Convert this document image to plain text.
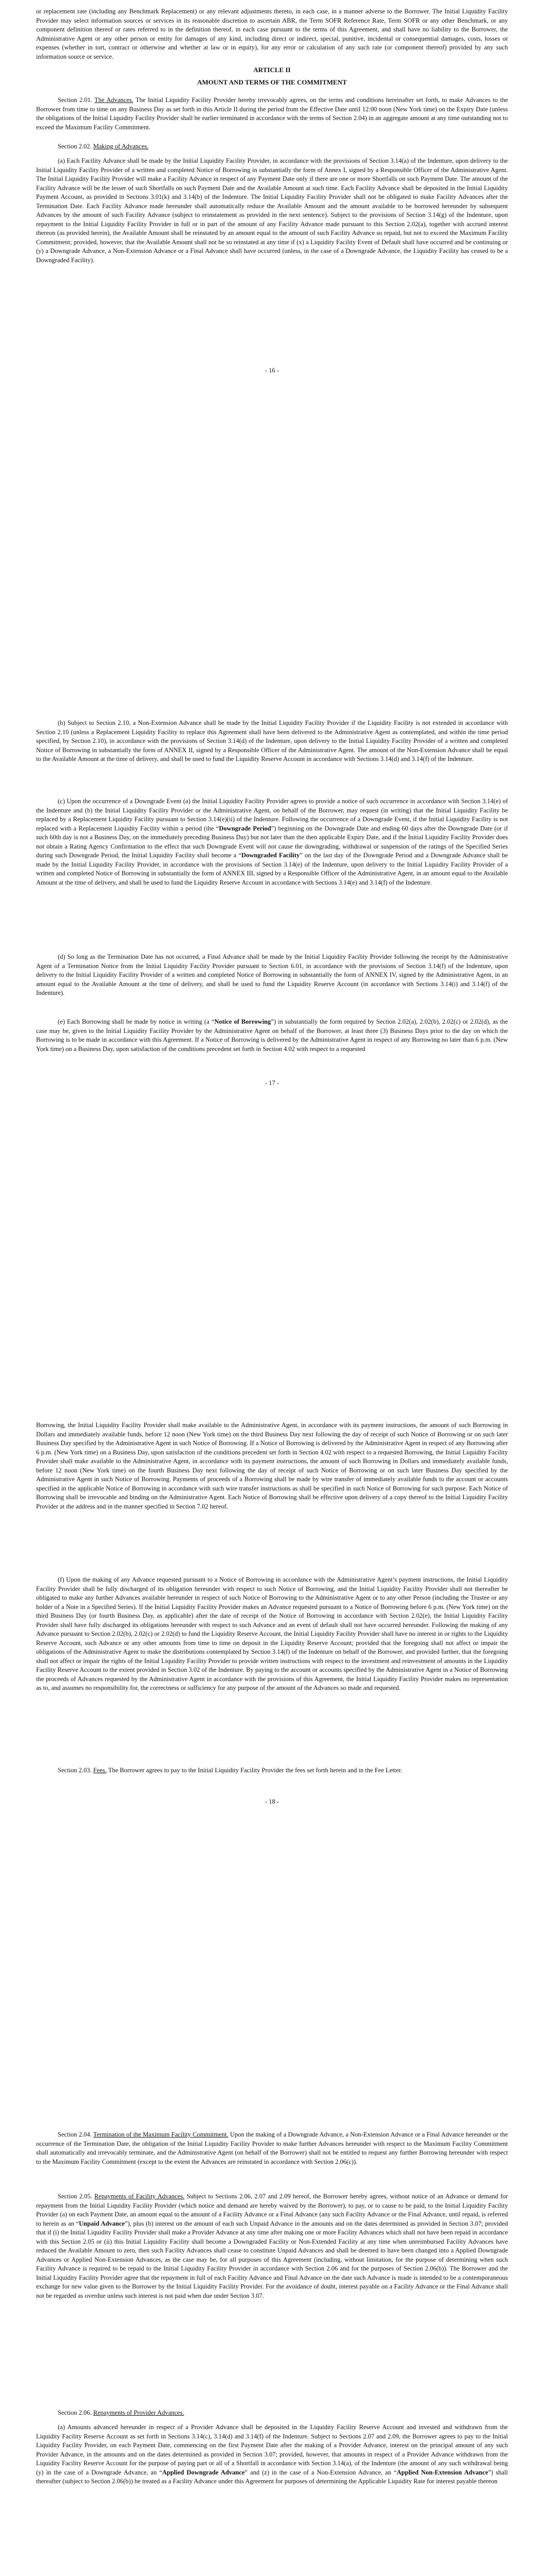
or replacement rate (including any Benchmark Replacement) or any relevant adjustments thereto, in each case, in a manner adverse to the Borrower. The Initial Liquidity Facility Provider may select information sources or services in its reasonable discretion to ascertain ABR, the Term SOFR Reference Rate, Term SOFR or any other Benchmark, or any component definition thereof or rates referred to in the definition thereof, in each case pursuant to the terms of this Agreement, and shall have no liability to the Borrower, the Administrative Agent or any other person or entity for damages of any kind, including direct or indirect, special, punitive, incidental or consequential damages, costs, losses or expenses (whether in tort, contract or otherwise and whether at law or in equity), for any error or calculation of any such rate (or component thereof) provided by any such information source or service.

ARTICLE II

AMOUNT AND TERMS OF THE COMMITMENT

Section 2.01. The Advances. The Initial Liquidity Facility Provider hereby irrevocably agrees, on the terms and conditions hereinafter set forth, to make Advances to the Borrower from time to time on any Business Day as set forth in this Article II during the period from the Effective Date until 12:00 noon (New York time) on the Expiry Date (unless the obligations of the Initial Liquidity Facility Provider shall be earlier terminated in accordance with the terms of Section 2.04) in an aggregate amount at any time outstanding not to exceed the Maximum Facility Commitment.

Section 2.02. Making of Advances.

(a) Each Facility Advance shall be made by the Initial Liquidity Facility Provider, in accordance with the provisions of Section 3.14(a) of the Indenture, upon delivery to the Initial Liquidity Facility Provider of a written and completed Notice of Borrowing in substantially the form of Annex I, signed by a Responsible Officer of the Administrative Agent. The Initial Liquidity Facility Provider will make a Facility Advance in respect of any Payment Date only if there are one or more Shortfalls on such Payment Date. The amount of the Facility Advance will be the lesser of such Shortfalls on such Payment Date and the Available Amount at such time. Each Facility Advance shall be deposited in the Initial Liquidity Payment Account, as provided in Sections 3.01(k) and 3.14(b) of the Indenture. The Initial Liquidity Facility Provider shall not be obligated to make Facility Advances after the Termination Date. Each Facility Advance made hereunder shall automatically reduce the Available Amount and the amount available to be borrowed hereunder by subsequent Advances by the amount of such Facility Advance (subject to reinstatement as provided in the next sentence). Subject to the provisions of Section 3.14(g) of the Indenture, upon repayment to the Initial Liquidity Facility Provider in full or in part of the amount of any Facility Advance made pursuant to this Section 2.02(a), together with accrued interest thereon (as provided herein), the Available Amount shall be reinstated by an amount equal to the amount of such Facility Advance so repaid, but not to exceed the Maximum Facility Commitment; provided, however, that the Available Amount shall not be so reinstated at any time if (x) a Liquidity Facility Event of Default shall have occurred and be continuing or (y) a Downgrade Advance, a Non-Extension Advance or a Final Advance shall have occurred (unless, in the case of a Downgrade Advance, the Liquidity Facility has ceased to be a Downgraded Facility).

- 16 -

(b) Subject to Section 2.10, a Non-Extension Advance shall be made by the Initial Liquidity Facility Provider if the Liquidity Facility is not extended in accordance with Section 2.10 (unless a Replacement Liquidity Facility to replace this Agreement shall have been delivered to the Administrative Agent as contemplated, and within the time period specified, by Section 2.10), in accordance with the provisions of Section 3.14(d) of the Indenture, upon delivery to the Initial Liquidity Facility Provider of a written and completed Notice of Borrowing in substantially the form of ANNEX II, signed by a Responsible Officer of the Administrative Agent. The amount of the Non-Extension Advance shall be equal to the Available Amount at the time of delivery, and shall be used to fund the Liquidity Reserve Account in accordance with Sections 3.14(d) and 3.14(f) of the Indenture.

(c) Upon the occurrence of a Downgrade Event (a) the Initial Liquidity Facility Provider agrees to provide a notice of such occurrence in accordance with Section 3.14(e) of the Indenture and (b) the Initial Liquidity Facility Provider or the Administrative Agent, on behalf of the Borrower, may request (in writing) that the Initial Liquidity Facility be replaced by a Replacement Liquidity Facility pursuant to Section 3.14(e)(ii) of the Indenture. Following the occurrence of a Downgrade Event, if the Initial Liquidity Facility is not replaced with a Replacement Liquidity Facility within a period (the “Downgrade Period”) beginning on the Downgrade Date and ending 60 days after the Downgrade Date (or if such 60th day is not a Business Day, on the immediately preceding Business Day) but not later than the then applicable Expiry Date, and if the Initial Liquidity Facility Provider does not obtain a Rating Agency Confirmation to the effect that such Downgrade Event will not cause the downgrading, withdrawal or suspension of the ratings of the Specified Series during such Downgrade Period, the Initial Liquidity Facility shall become a “Downgraded Facility” on the last day of the Downgrade Period and a Downgrade Advance shall be made by the Initial Liquidity Facility Provider, in accordance with the provisions of Section 3.14(e) of the Indenture, upon delivery to the Initial Liquidity Facility Provider of a written and completed Notice of Borrowing in substantially the form of ANNEX III, signed by a Responsible Officer of the Administrative Agent, in an amount equal to the Available Amount at the time of delivery, and shall be used to fund the Liquidity Reserve Account in accordance with Sections 3.14(e) and 3.14(f) of the Indenture.

(d) So long as the Termination Date has not occurred, a Final Advance shall be made by the Initial Liquidity Facility Provider following the receipt by the Administrative Agent of a Termination Notice from the Initial Liquidity Facility Provider pursuant to Section 6.01, in accordance with the provisions of Section 3.14(f) of the Indenture, upon delivery to the Initial Liquidity Facility Provider of a written and completed Notice of Borrowing in substantially the form of ANNEX IV, signed by the Administrative Agent, in an amount equal to the Available Amount at the time of delivery, and shall be used to fund the Liquidity Reserve Account (in accordance with Sections 3.14(i) and 3.14(f) of the Indenture).

(e) Each Borrowing shall be made by notice in writing (a “Notice of Borrowing”) in substantially the form required by Section 2.02(a), 2.02(b), 2.02(c) or 2.02(d), as the case may be, given to the Initial Liquidity Facility Provider by the Administrative Agent on behalf of the Borrower, at least three (3) Business Days prior to the day on which the Borrowing is to be made in accordance with this Agreement. If a Notice of Borrowing is delivered by the Administrative Agent in respect of any Borrowing no later than 6 p.m. (New York time) on a Business Day, upon satisfaction of the conditions precedent set forth in Section 4.02 with respect to a requested

- 17 -

Borrowing, the Initial Liquidity Facility Provider shall make available to the Administrative Agent, in accordance with its payment instructions, the amount of such Borrowing in Dollars and immediately available funds, before 12 noon (New York time) on the third Business Day next following the day of receipt of such Notice of Borrowing or on such later Business Day specified by the Administrative Agent in such Notice of Borrowing. If a Notice of Borrowing is delivered by the Administrative Agent in respect of any Borrowing after 6 p.m. (New York time) on a Business Day, upon satisfaction of the conditions precedent set forth in Section 4.02 with respect to a requested Borrowing, the Initial Liquidity Facility Provider shall make available to the Administrative Agent, in accordance with its payment instructions, the amount of such Borrowing in Dollars and immediately available funds, before 12 noon (New York time) on the fourth Business Day next following the day of receipt of such Notice of Borrowing or on such later Business Day specified by the Administrative Agent in such Notice of Borrowing. Payments of proceeds of a Borrowing shall be made by wire transfer of immediately available funds to the account or accounts specified in the applicable Notice of Borrowing in accordance with such wire transfer instructions as shall be specified in such Notice of Borrowing for such purpose. Each Notice of Borrowing shall be irrevocable and binding on the Administrative Agent. Each Notice of Borrowing shall be effective upon delivery of a copy thereof to the Initial Liquidity Facility Provider at the address and in the manner specified in Section 7.02 hereof.

(f) Upon the making of any Advance requested pursuant to a Notice of Borrowing in accordance with the Administrative Agent’s payment instructions, the Initial Liquidity Facility Provider shall be fully discharged of its obligation hereunder with respect to such Notice of Borrowing, and the Initial Liquidity Facility Provider shall not thereafter be obligated to make any further Advances available hereunder in respect of such Notice of Borrowing to the Administrative Agent or to any other Person (including the Trustee or any holder of a Note in a Specified Series). If the Initial Liquidity Facility Provider makes an Advance requested pursuant to a Notice of Borrowing before 6 p.m. (New York time) on the third Business Day (or fourth Business Day, as applicable) after the date of receipt of the Notice of Borrowing in accordance with Section 2.02(e), the Initial Liquidity Facility Provider shall have fully discharged its obligations hereunder with respect to such Advance and an event of default shall not have occurred hereunder. Following the making of any Advance pursuant to Section 2.02(b), 2.02(c) or 2.02(d) to fund the Liquidity Reserve Account, the Initial Liquidity Facility Provider shall have no interest in or rights to the Liquidity Reserve Account, such Advance or any other amounts from time to time on deposit in the Liquidity Reserve Account; provided that the foregoing shall not affect or impair the obligations of the Administrative Agent to make the distributions contemplated by Section 3.14(f) of the Indenture on behalf of the Borrower, and provided further, that the foregoing shall not affect or impair the rights of the Initial Liquidity Facility Provider to provide written instructions with respect to the investment and reinvestment of amounts in the Liquidity Facility Reserve Account to the extent provided in Section 3.02 of the Indenture. By paying to the account or accounts specified by the Administrative Agent in a Notice of Borrowing the proceeds of Advances requested by the Administrative Agent in accordance with the provisions of this Agreement, the Initial Liquidity Facility Provider makes no representation as to, and assumes no responsibility for, the correctness or sufficiency for any purpose of the amount of the Advances so made and requested.

Section 2.03. Fees. The Borrower agrees to pay to the Initial Liquidity Facility Provider the fees set forth herein and in the Fee Letter.

- 18 -

Section 2.04. Termination of the Maximum Facility Commitment. Upon the making of a Downgrade Advance, a Non-Extension Advance or a Final Advance hereunder or the occurrence of the Termination Date, the obligation of the Initial Liquidity Facility Provider to make further Advances hereunder with respect to the Maximum Facility Commitment shall automatically and irrevocably terminate, and the Administrative Agent (on behalf of the Borrower) shall not be entitled to request any further Borrowing hereunder with respect to the Maximum Facility Commitment (except to the extent the Advances are reinstated in accordance with Section 2.06(c)).

Section 2.05. Repayments of Facility Advances. Subject to Sections 2.06, 2.07 and 2.09 hereof, the Borrower hereby agrees, without notice of an Advance or demand for repayment from the Initial Liquidity Facility Provider (which notice and demand are hereby waived by the Borrower), to pay, or to cause to be paid, to the Initial Liquidity Facility Provider (a) on each Payment Date, an amount equal to the amount of a Facility Advance or a Final Advance (any such Facility Advance or the Final Advance, until repaid, is referred to herein as an “Unpaid Advance”), plus (b) interest on the amount of each such Unpaid Advance in the amounts and on the dates determined as provided in Section 3.07; provided that if (i) the Initial Liquidity Facility Provider shall make a Provider Advance at any time after making one or more Facility Advances which shall not have been repaid in accordance with this Section 2.05 or (ii) this Initial Liquidity Facility shall become a Downgraded Facility or Non-Extended Facility at any time when unreimbursed Facility Advances have reduced the Available Amount to zero, then such Facility Advances shall cease to constitute Unpaid Advances and shall be deemed to have been changed into a Applied Downgrade Advances or Applied Non-Extension Advances, as the case may be, for all purposes of this Agreement (including, without limitation, for the purpose of determining when such Facility Advance is required to be repaid to the Initial Liquidity Facility Provider in accordance with Section 2.06 and for the purposes of Section 2.06(b)). The Borrower and the Initial Liquidity Facility Provider agree that the repayment in full of each Facility Advance and Final Advance on the date such Advance is made is intended to be a contemporaneous exchange for new value given to the Borrower by the Initial Liquidity Facility Provider. For the avoidance of doubt, interest payable on a Facility Advance or the Final Advance shall not be regarded as overdue unless such interest is not paid when due under Section 3.07.

Section 2.06. Repayments of Provider Advances.

(a) Amounts advanced hereunder in respect of a Provider Advance shall be deposited in the Liquidity Facility Reserve Account and invested and withdrawn from the Liquidity Facility Reserve Account as set forth in Sections 3.14(c), 3.14(d) and 3.14(f) of the Indenture. Subject to Sections 2.07 and 2.09, the Borrower agrees to pay to the Initial Liquidity Facility Provider, on each Payment Date, commencing on the first Payment Date after the making of a Provider Advance, interest on the principal amount of any such Provider Advance, in the amounts and on the dates determined as provided in Section 3.07; provided, however, that amounts in respect of a Provider Advance withdrawn from the Liquidity Facility Reserve Account for the purpose of paying part or all of a Shortfall in accordance with Section 3.14(a), of the Indenture (the amount of any such withdrawal being (y) in the case of a Downgrade Advance, an “Applied Downgrade Advance” and (z) in the case of a Non-Extension Advance, an “Applied Non-Extension Advance”) shall thereafter (subject to Section 2.06(b)) be treated as a Facility Advance under this Agreement for purposes of determining the Applicable Liquidity Rate for interest payable thereon
